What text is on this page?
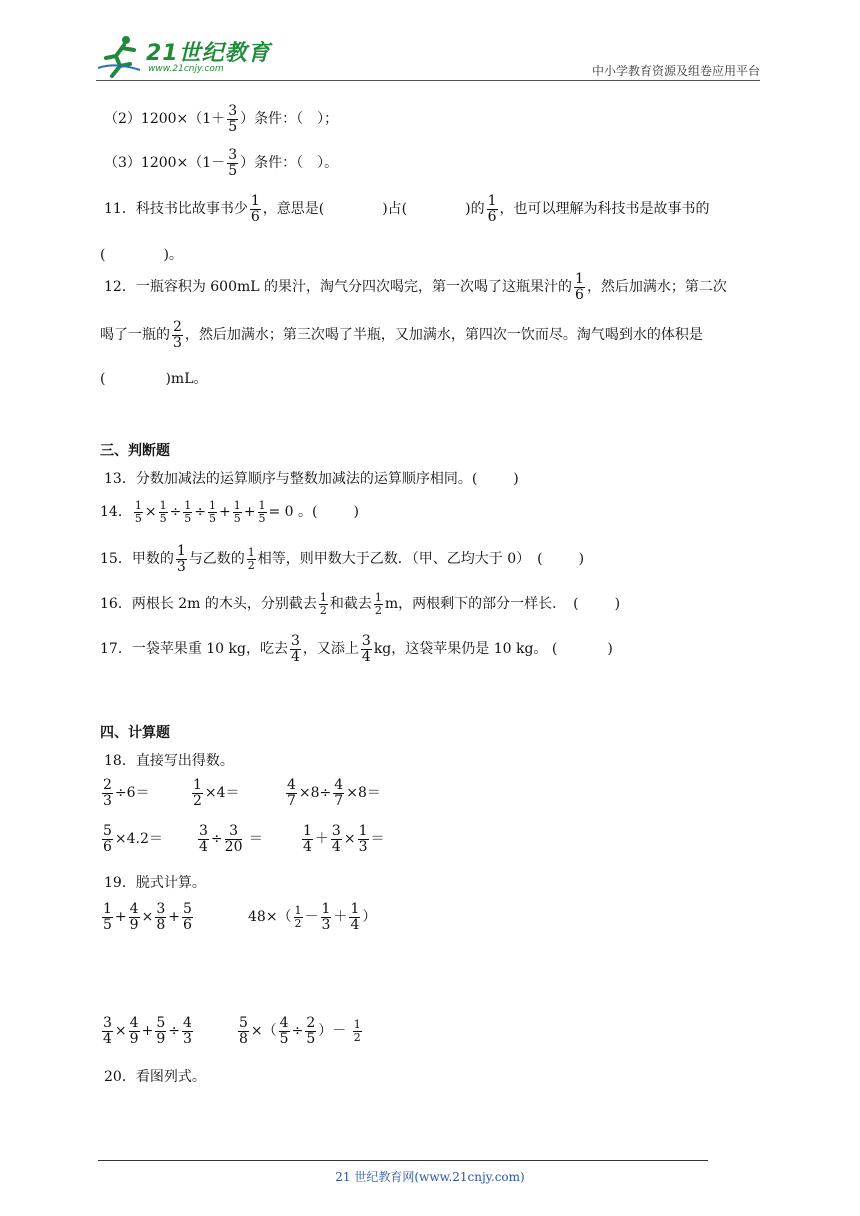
21世纪教育
www.21cnjy.com	中小学教育资源及组卷应用平台
$(2)1200\times(1+ \frac{3}{5}$ ）条件：（　）；
$(3)1200\times(1- \frac{3}{5}$ ）条件：（　）。
11．科技书比故事书少 $\frac{1}{6}$ ，意思是(	)占(	)的 $\frac{1}{6}$ ，也可以理解为科技书是故事书的
(	)。
12．一瓶容积为 600mL 的果汁，淘气分四次喝完，第一次喝了这瓶果汁的 $\frac{1}{6}$ ，然后加满水；第二次
喝了一瓶的 $\frac{2}{3}$ ，然后加满水；第三次喝了半瓶，又加满水，第四次一饮而尽。淘气喝到水的体积是
(	)mL。
三、判断题
13．分数加减法的运算顺序与整数加减法的运算顺序相同。(	)
14． $\frac{1}{5} \times \frac{1}{5} \div \frac{1}{5} \div \frac{1}{5} + \frac{1}{5} + \frac{1}{5} = 0$ 。(	)
15．甲数的 $\frac{1}{3}$ 与乙数的 $\frac{1}{2}$ 相等，则甲数大于乙数．（甲、乙均大于 0）　(	)
16．两根长 2m 的木头，分别截去 $\frac{1}{2}$ 和截去 $\frac{1}{2}$ m，两根剩下的部分一样长．　(	)
17．一袋苹果重 10 kg，吃去 $\frac{3}{4}$ ，又添上 $\frac{3}{4}$ kg，这袋苹果仍是 10 kg。 (	)
四、计算题
18．直接写出得数。
$\frac{2}{3} \div 6=$	$\frac{1}{2} \times 4=$	$\frac{4}{7} \times 8\div \frac{4}{7} \times 8=$
$\frac{5}{6} \times 4.2=$	$\frac{3}{4} \div \frac{3}{20}$ ＝	$\frac{1}{4} + \frac{3}{4} \times \frac{1}{3}$ ＝
19．脱式计算。
$\frac{1}{5} + \frac{4}{9} \times \frac{3}{8} + \frac{5}{6}$	$48\times( \frac{1}{2} - \frac{1}{3} + \frac{1}{4}$ ）
$\frac{3}{4} \times \frac{4}{9} + \frac{5}{9} \div \frac{4}{3}$	$\frac{5}{8}$ ×（ $\frac{4}{5} \div \frac{2}{5}$ ）－ $\frac{1}{2}$
20．看图列式。
21 世纪教育网(www.21cnjy.com)
